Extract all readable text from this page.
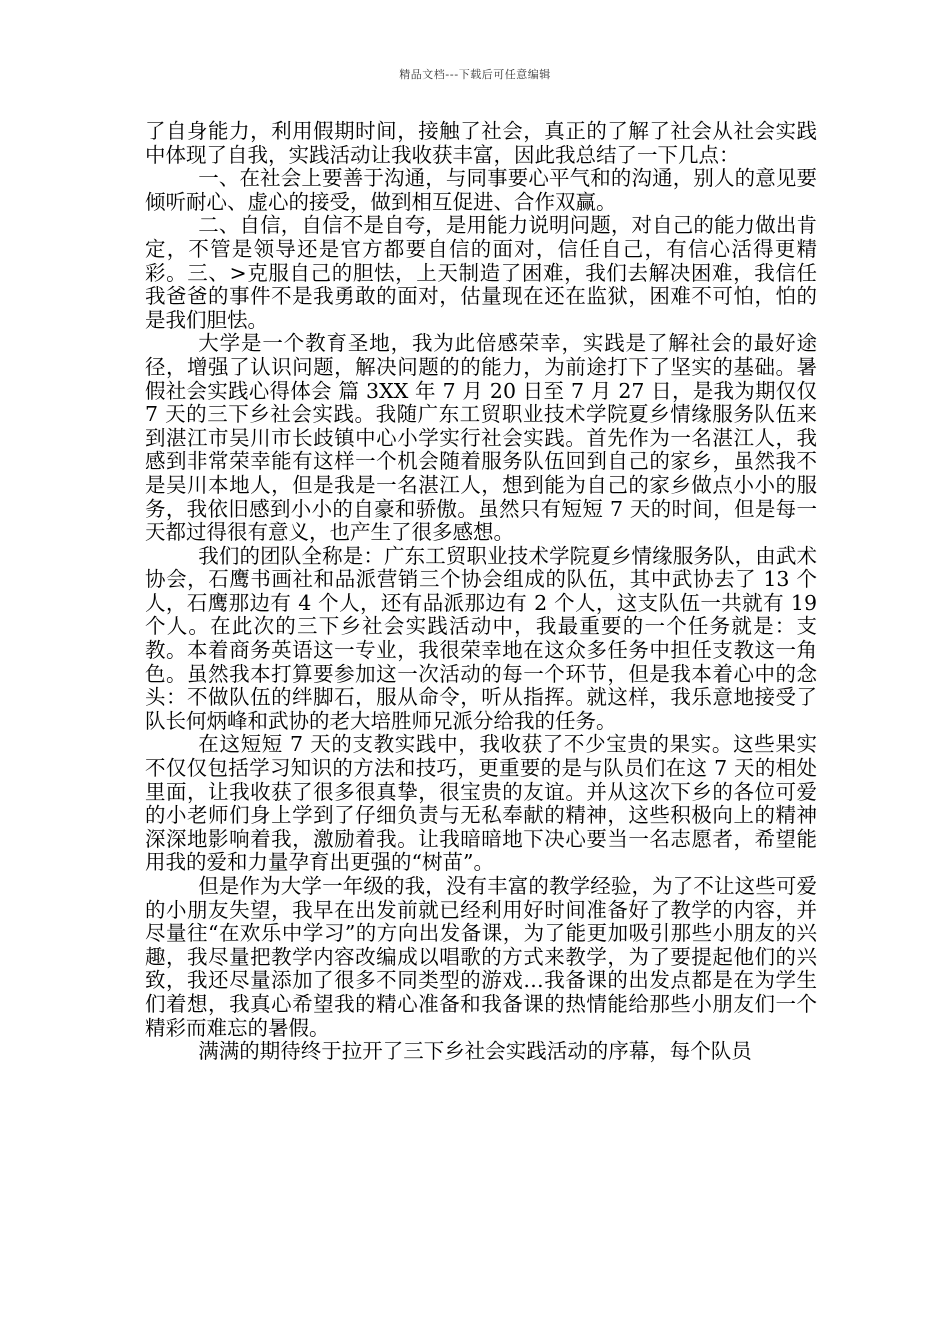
精品文档---下载后可任意编辑

了自身能力，利用假期时间，接触了社会，真正的了解了社会从社会实践中体现了自我，实践活动让我收获丰富，因此我总结了一下几点：

一、在社会上要善于沟通，与同事要心平气和的沟通，别人的意见要倾听耐心、虚心的接受，做到相互促进、合作双赢。

二、自信，自信不是自夸，是用能力说明问题，对自己的能力做出肯定，不管是领导还是官方都要自信的面对，信任自己，有信心活得更精彩。三、>克服自己的胆怯，上天制造了困难，我们去解决困难，我信任我爸爸的事件不是我勇敢的面对，估量现在还在监狱，困难不可怕，怕的是我们胆怯。

大学是一个教育圣地，我为此倍感荣幸，实践是了解社会的最好途径，增强了认识问题，解决问题的的能力，为前途打下了坚实的基础。暑假社会实践心得体会 篇 3XX 年 7 月 20 日至 7 月 27 日，是我为期仅仅 7 天的三下乡社会实践。我随广东工贸职业技术学院夏乡情缘服务队伍来到湛江市吴川市长歧镇中心小学实行社会实践。首先作为一名湛江人，我感到非常荣幸能有这样一个机会随着服务队伍回到自己的家乡，虽然我不是吴川本地人，但是我是一名湛江人，想到能为自己的家乡做点小小的服务，我依旧感到小小的自豪和骄傲。虽然只有短短 7 天的时间，但是每一天都过得很有意义，也产生了很多感想。

我们的团队全称是：广东工贸职业技术学院夏乡情缘服务队，由武术协会，石鹰书画社和品派营销三个协会组成的队伍，其中武协去了 13 个人，石鹰那边有 4 个人，还有品派那边有 2 个人，这支队伍一共就有 19 个人。在此次的三下乡社会实践活动中，我最重要的一个任务就是：支教。本着商务英语这一专业，我很荣幸地在这众多任务中担任支教这一角色。虽然我本打算要参加这一次活动的每一个环节，但是我本着心中的念头：不做队伍的绊脚石，服从命令，听从指挥。就这样，我乐意地接受了队长何炳峰和武协的老大培胜师兄派分给我的任务。

在这短短 7 天的支教实践中，我收获了不少宝贵的果实。这些果实不仅仅包括学习知识的方法和技巧，更重要的是与队员们在这 7 天的相处里面，让我收获了很多很真挚，很宝贵的友谊。并从这次下乡的各位可爱的小老师们身上学到了仔细负责与无私奉献的精神，这些积极向上的精神深深地影响着我，激励着我。让我暗暗地下决心要当一名志愿者，希望能用我的爱和力量孕育出更强的“树苗”。

但是作为大学一年级的我，没有丰富的教学经验，为了不让这些可爱的小朋友失望，我早在出发前就已经利用好时间准备好了教学的内容，并尽量往“在欢乐中学习”的方向出发备课，为了能更加吸引那些小朋友的兴趣，我尽量把教学内容改编成以唱歌的方式来教学，为了要提起他们的兴致，我还尽量添加了很多不同类型的游戏…我备课的出发点都是在为学生们着想，我真心希望我的精心准备和我备课的热情能给那些小朋友们一个精彩而难忘的暑假。

满满的期待终于拉开了三下乡社会实践活动的序幕，每个队员
